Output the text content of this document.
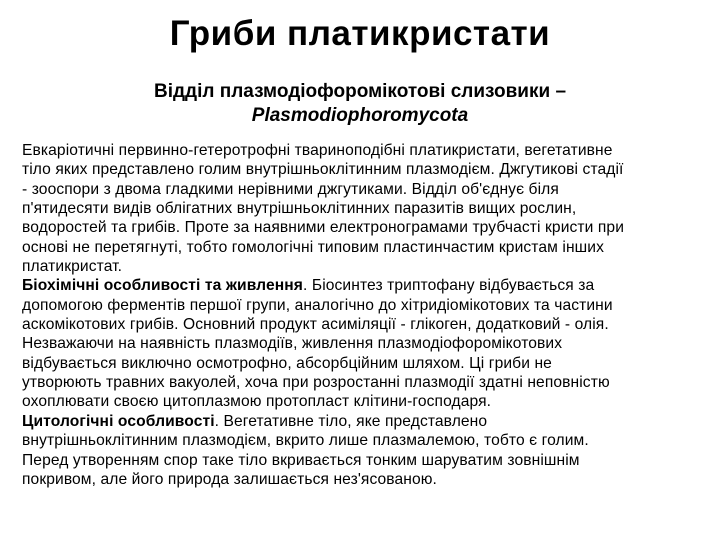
Гриби платикристати
Відділ плазмодіофоромікотові слизовики –
Plasmodiophoromycota
Евкаріотичні первинно-гетеротрофні твариноподібні платикристати, вегетативне
тіло яких представлено голим внутрішньоклітинним плазмодієм. Джгутикові стадії
- зооспори з двома гладкими нерівними джгутиками. Відділ об'єднує біля
п'ятидесяти видів облігатних внутрішньоклітинних паразитів вищих рослин,
водоростей та грибів. Проте за наявними електронограмами трубчасті кристи при
основі не перетягнуті, тобто гомологічні типовим пластинчастим кристам інших
платикристат.
Біохімічні особливості та живлення. Біосинтез триптофану відбувається за
допомогою ферментів першої групи, аналогічно до хітридіомікотових та частини
аскомікотових грибів. Основний продукт асиміляції - глікоген, додатковий - олія.
Незважаючи на наявність плазмодіїв, живлення плазмодіофоромікотових
відбувається виключно осмотрофно, абсорбційним шляхом. Ці гриби не
утворюють травних вакуолей, хоча при розростанні плазмодії здатні неповністю
охоплювати своєю цитоплазмою протопласт клітини-господаря.
Цитологічні особливості. Вегетативне тіло, яке представлено
внутрішньоклітинним плазмодієм, вкрито лише плазмалемою, тобто є голим.
Перед утворенням спор таке тіло вкривається тонким шаруватим зовнішнім
покривом, але його природа залишається нез'ясованою.
